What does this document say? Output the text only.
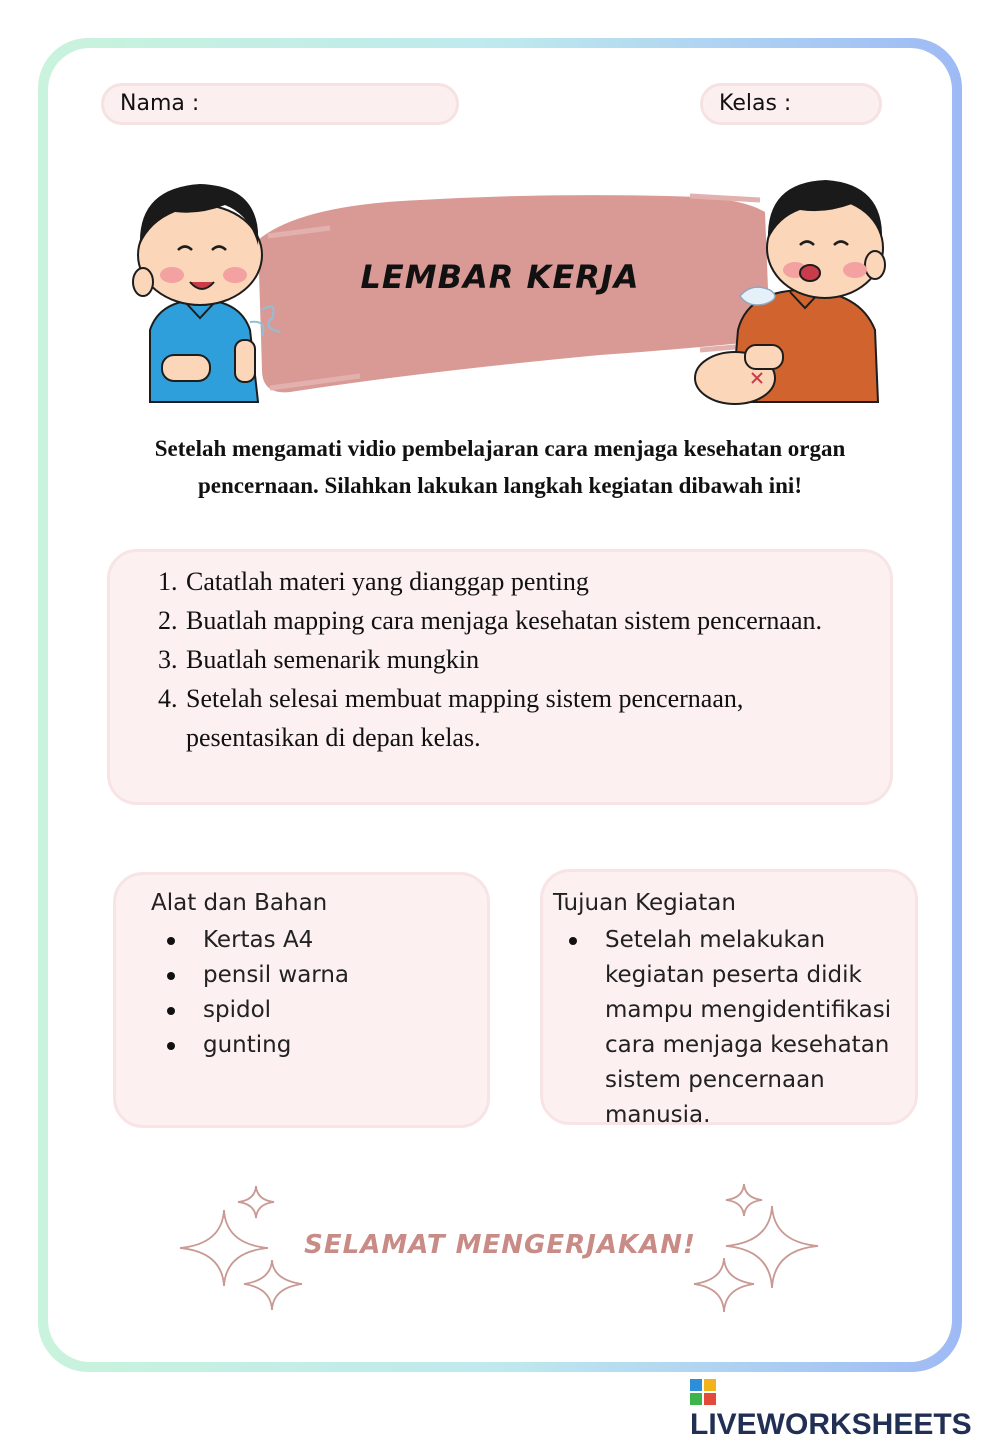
Nama :	Kelas :
LEMBAR KERJA
Setelah mengamati vidio pembelajaran cara menjaga kesehatan organ pencernaan. Silahkan lakukan langkah kegiatan dibawah ini!
1. Catatlah materi yang dianggap penting
2. Buatlah mapping cara menjaga kesehatan sistem pencernaan.
3. Buatlah semenarik mungkin
4. Setelah selesai membuat mapping sistem pencernaan, pesentasikan di depan kelas.
Alat dan Bahan
Kertas A4
pensil warna
spidol
gunting
Tujuan Kegiatan
Setelah melakukan kegiatan peserta didik mampu mengidentifikasi cara menjaga kesehatan sistem pencernaan manusia.
SELAMAT MENGERJAKAN!
LIVEWORKSHEETS
